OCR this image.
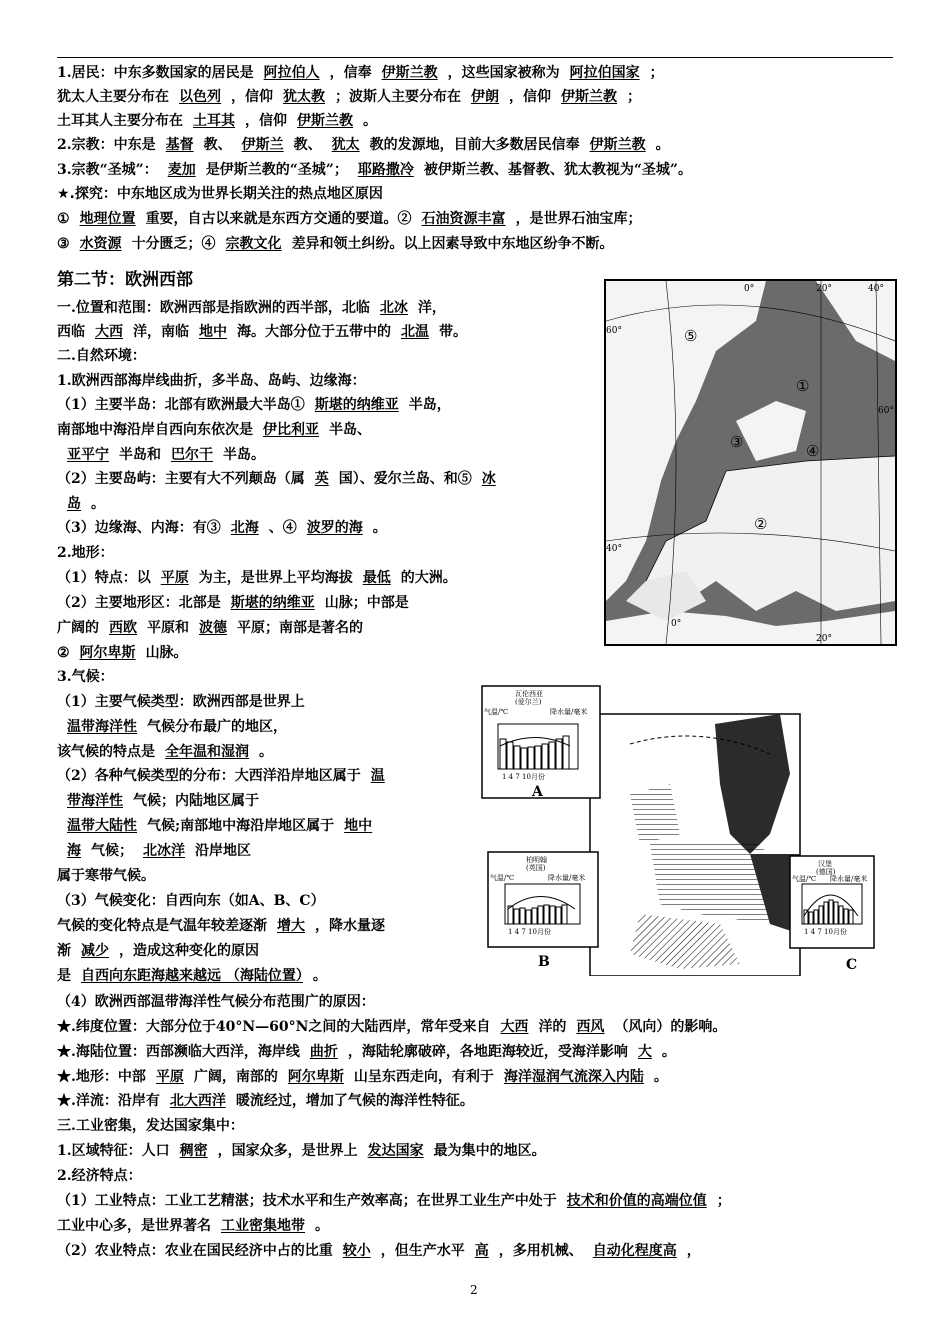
1.居民：中东多数国家的居民是 阿拉伯人 ，信奉 伊斯兰教 ，这些国家被称为 阿拉伯国家 ；
犹太人主要分布在 以色列 ，信仰 犹太教 ；波斯人主要分布在 伊朗 ，信仰 伊斯兰教 ；
土耳其人主要分布在 土耳其 ，信仰 伊斯兰教 。
2.宗教：中东是 基督 教、 伊斯兰 教、 犹太 教的发源地，目前大多数居民信奉 伊斯兰教 。
3.宗教“圣城”： 麦加 是伊斯兰教的“圣城”； 耶路撒冷 被伊斯兰教、基督教、犹太教视为“圣城”。
★.探究：中东地区成为世界长期关注的热点地区原因
① 地理位置 重要，自古以来就是东西方交通的要道。② 石油资源丰富 ，是世界石油宝库；
③ 水资源 十分匮乏；④ 宗教文化 差异和领土纠纷。以上因素导致中东地区纷争不断。
第二节：欧洲西部
一.位置和范围：欧洲西部是指欧洲的西半部，北临 北冰 洋，
西临 大西 洋，南临 地中 海。大部分位于五带中的 北温 带。
二.自然环境：
1.欧洲西部海岸线曲折，多半岛、岛屿、边缘海：
（1）主要半岛：北部有欧洲最大半岛① 斯堪的纳维亚 半岛，
南部地中海沿岸自西向东依次是 伊比利亚 半岛、
亚平宁 半岛和 巴尔干 半岛。
（2）主要岛屿：主要有大不列颠岛（属 英 国）、爱尔兰岛、和⑤ 冰
岛 。
（3）边缘海、内海：有③ 北海 、④ 波罗的海 。
2.地形：
（1）特点：以 平原 为主，是世界上平均海拔 最低 的大洲。
（2）主要地形区：北部是 斯堪的纳维亚 山脉；中部是
广阔的 西欧 平原和 波德 平原；南部是著名的
② 阿尔卑斯 山脉。
3.气候：
（1）主要气候类型：欧洲西部是世界上
温带海洋性 气候分布最广的地区，
该气候的特点是 全年温和湿润 。
（2）各种气候类型的分布：大西洋沿岸地区属于 温
带海洋性 气候；内陆地区属于
温带大陆性 气候;南部地中海沿岸地区属于 地中
海 气候； 北冰洋 沿岸地区
属于寒带气候。
（3）气候变化：自西向东（如A、B、C）
气候的变化特点是气温年较差逐渐 增大 ，降水量逐
渐 减少 ，造成这种变化的原因
是 自西向东距海越来越远 （海陆位置） 。
（4）欧洲西部温带海洋性气候分布范围广的原因：
★.纬度位置：大部分位于40°N—60°N之间的大陆西岸，常年受来自 大西 洋的 西风 （风向）的影响。
★.海陆位置：西部濒临大西洋，海岸线 曲折 ，海陆轮廓破碎，各地距海较近，受海洋影响 大 。
★.地形：中部 平原 广阔，南部的 阿尔卑斯 山呈东西走向，有利于 海洋湿润气流深入内陆 。
★.洋流：沿岸有 北大西洋 暖流经过，增加了气候的海洋性特征。
三.工业密集，发达国家集中：
1.区域特征：人口 稠密 ，国家众多，是世界上 发达国家 最为集中的地区。
2.经济特点：
（1）工业特点：工业工艺精湛；技术水平和生产效率高；在世界工业生产中处于 技术和价值的高端位值 ；
工业中心多，是世界著名 工业密集地带 。
（2）农业特点：农业在国民经济中占的比重 较小 ，但生产水平 高 ，多用机械、 自动化程度高 ，
0°	20°	40°
60°
60°
40°
20°
0°
⑤
①
③	④
②
瓦伦西亚
(爱尔兰)
气温/℃	降水量/毫米
1 4 7 10月份
柏明翰
(英国)
气温/℃	降水量/毫米
1 4 7 10月份
汉堡
(德国)
气温/℃ 降水量/毫米
1 4 7 10月份
A
B	C
2
